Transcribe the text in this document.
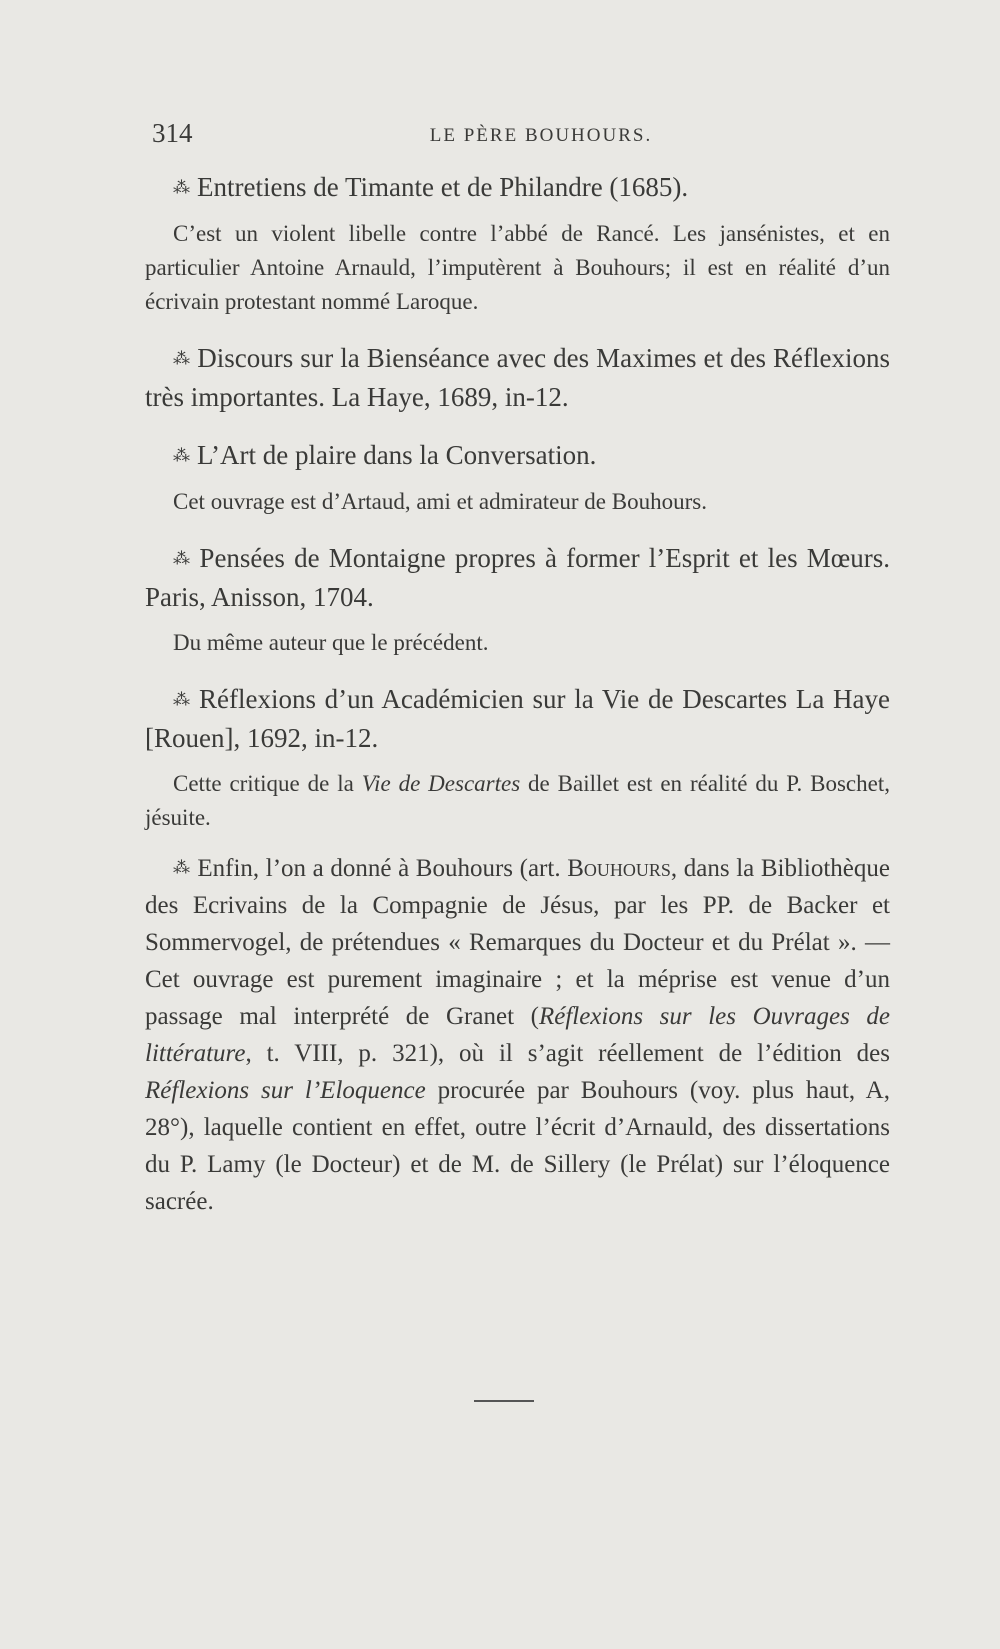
314	LE PÈRE BOUHOURS.

⁂ Entretiens de Timante et de Philandre (1685).

C’est un violent libelle contre l’abbé de Rancé. Les jansénistes, et en particulier Antoine Arnauld, l’imputèrent à Bouhours; il est en réalité d’un écrivain protestant nommé Laroque.

⁂ Discours sur la Bienséance avec des Maximes et des Réflexions très importantes. La Haye, 1689, in-12.

⁂ L’Art de plaire dans la Conversation.

Cet ouvrage est d’Artaud, ami et admirateur de Bouhours.

⁂ Pensées de Montaigne propres à former l’Esprit et les Mœurs. Paris, Anisson, 1704.

Du même auteur que le précédent.

⁂ Réflexions d’un Académicien sur la Vie de Descartes La Haye [Rouen], 1692, in-12.

Cette critique de la Vie de Descartes de Baillet est en réalité du P. Boschet, jésuite.

⁂ Enfin, l’on a donné à Bouhours (art. Bouhours, dans la Bibliothèque des Ecrivains de la Compagnie de Jésus, par les PP. de Backer et Sommervogel, de prétendues « Remarques du Docteur et du Prélat ». — Cet ouvrage est purement imaginaire ; et la méprise est venue d’un passage mal interprété de Granet (Réflexions sur les Ouvrages de littérature, t. VIII, p. 321), où il s’agit réellement de l’édition des Réflexions sur l’Eloquence procurée par Bouhours (voy. plus haut, A, 28°), laquelle contient en effet, outre l’écrit d’Arnauld, des dissertations du P. Lamy (le Docteur) et de M. de Sillery (le Prélat) sur l’éloquence sacrée.
